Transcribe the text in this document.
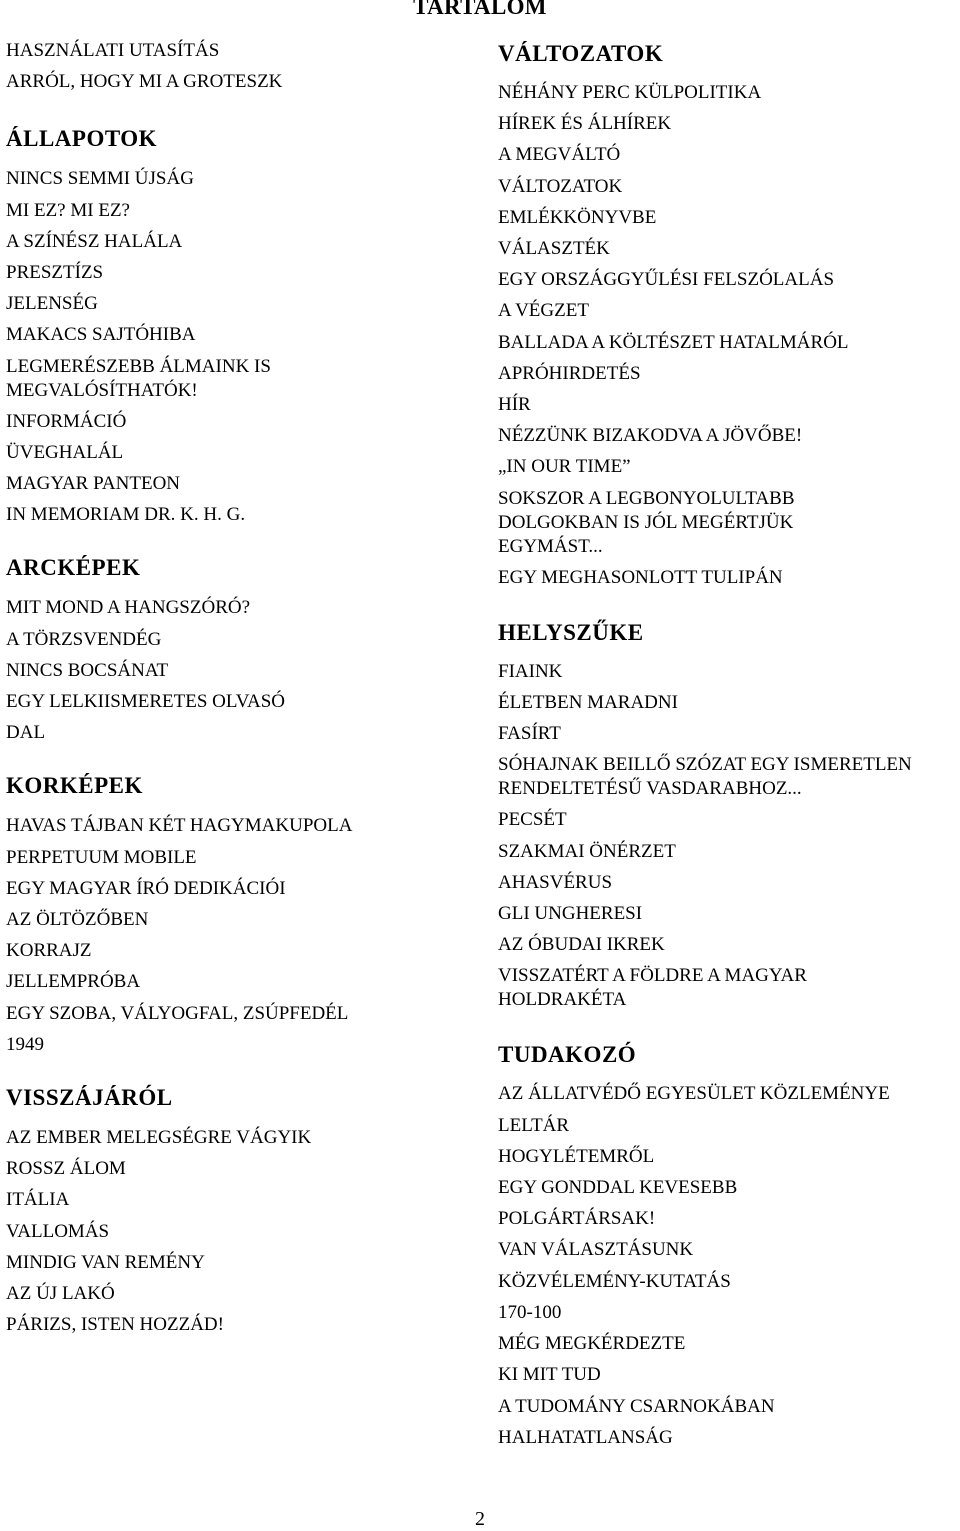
TARTALOM
HASZNÁLATI UTASÍTÁS
ARRÓL, HOGY MI A GROTESZK
ÁLLAPOTOK
NINCS SEMMI ÚJSÁG
MI EZ? MI EZ?
A SZÍNÉSZ HALÁLA
PRESZTÍZS
JELENSÉG
MAKACS SAJTÓHIBA
LEGMERÉSZEBB ÁLMAINK IS MEGVALÓSÍTHATÓK!
INFORMÁCIÓ
ÜVEGHALÁL
MAGYAR PANTEON
IN MEMORIAM DR. K. H. G.
ARCKÉPEK
MIT MOND A HANGSZÓRÓ?
A TÖRZSVENDÉG
NINCS BOCSÁNAT
EGY LELKIISMERETES OLVASÓ
DAL
KORKÉPEK
HAVAS TÁJBAN KÉT HAGYMAKUPOLA
PERPETUUM MOBILE
EGY MAGYAR ÍRÓ DEDIKÁCIÓI
AZ ÖLTÖZŐBEN
KORRAJZ
JELLEMPRÓBA
EGY SZOBA, VÁLYOGFAL, ZSÚPFEDÉL
1949
VISSZÁJÁRÓL
AZ EMBER MELEGSÉGRE VÁGYIK
ROSSZ ÁLOM
ITÁLIA
VALLOMÁS
MINDIG VAN REMÉNY
AZ ÚJ LAKÓ
PÁRIZS, ISTEN HOZZÁD!
VÁLTOZATOK
NÉHÁNY PERC KÜLPOLITIKA
HÍREK ÉS ÁLHÍREK
A MEGVÁLTÓ
VÁLTOZATOK
EMLÉKKÖNYVBE
VÁLASZTÉK
EGY ORSZÁGGYŰLÉSI FELSZÓLALÁS
A VÉGZET
BALLADA A KÖLTÉSZET HATALMÁRÓL
APRÓHIRDETÉS
HÍR
NÉZZÜNK BIZAKODVA A JÖVŐBE!
„IN OUR TIME”
SOKSZOR A LEGBONYOLULTABB DOLGOKBAN IS JÓL MEGÉRTJÜK EGYMÁST...
EGY MEGHASONLOTT TULIPÁN
HELYSZŰKE
FIAINK
ÉLETBEN MARADNI
FASÍRT
SÓHAJNAK BEILLŐ SZÓZAT EGY ISMERETLEN RENDELTETÉSŰ VASDARABHOZ...
PECSÉT
SZAKMAI ÖNÉRZET
AHASVÉRUS
GLI UNGHERESI
AZ ÓBUDAI IKREK
VISSZATÉRT A FÖLDRE A MAGYAR HOLDRAKÉTA
TUDAKOZÓ
AZ ÁLLATVÉDŐ EGYESÜLET KÖZLEMÉNYE
LELTÁR
HOGYLÉTEMRŐL
EGY GONDDAL KEVESEBB
POLGÁRTÁRSAK!
VAN VÁLASZTÁSUNK
KÖZVÉLEMÉNY-KUTATÁS
170-100
MÉG MEGKÉRDEZTE
KI MIT TUD
A TUDOMÁNY CSARNOKÁBAN
HALHATATLANSÁG
2
